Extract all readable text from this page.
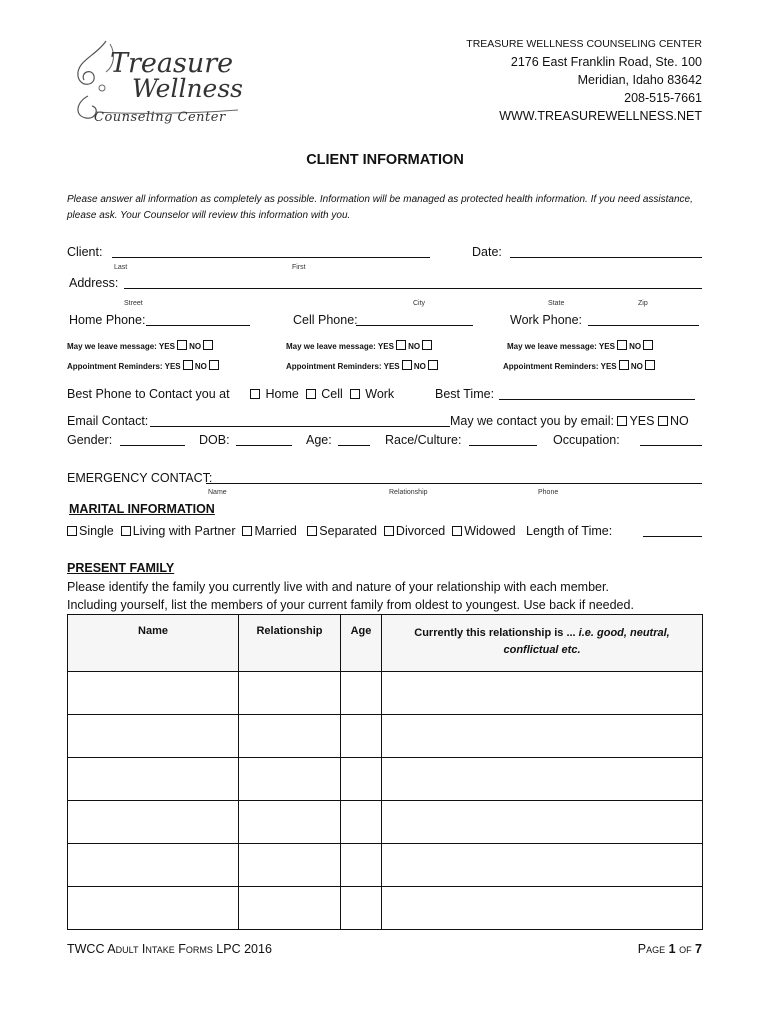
Treasure
Wellness
Counseling Center
TREASURE WELLNESS COUNSELING CENTER
2176 East Franklin Road, Ste. 100
Meridian, Idaho 83642
208-515-7661
WWW.TREASUREWELLNESS.NET
CLIENT INFORMATION
Please answer all information as completely as possible. Information will be managed as protected health information. If you need assistance, please ask. Your Counselor will review this information with you.
Client:	Date:
Last	First
Address:
Street	City	State	Zip
Home Phone:	Cell Phone:	Work Phone:
May we leave message: YES NO	May we leave message: YES NO	May we leave message: YES NO
Appointment Reminders: YES NO	Appointment Reminders: YES NO	Appointment Reminders: YES NO
Best Phone to Contact you at	Home Cell Work	Best Time:
Email Contact:	May we contact you by email: YES NO
Gender:	DOB:	Age:	Race/Culture:	Occupation:
EMERGENCY CONTACT:
Name	Relationship	Phone
MARITAL INFORMATION
Single Living with Partner Married Separated Divorced Widowed Length of Time:
PRESENT FAMILY
Please identify the family you currently live with and nature of your relationship with each member.
Including yourself, list the members of your current family from oldest to youngest. Use back if needed.
Name	Relationship	Age	Currently this relationship is ... i.e. good, neutral,
conflictual etc.

TWCC Adult Intake Forms LPC 2016	Page 1 of 7
